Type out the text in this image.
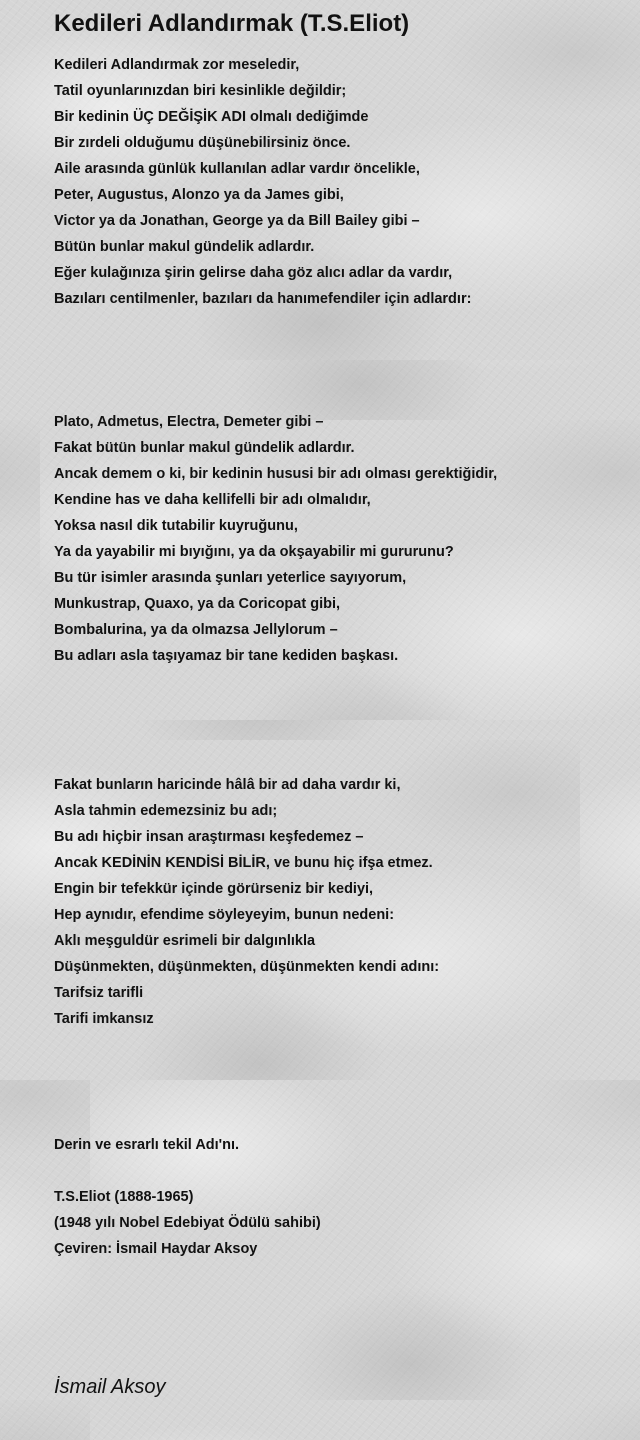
Kedileri Adlandırmak (T.S.Eliot)
Kedileri Adlandırmak zor meseledir,
Tatil oyunlarınızdan biri kesinlikle değildir;
Bir kedinin ÜÇ DEĞİŞİK ADI olmalı dediğimde
Bir zırdeli olduğumu düşünebilirsiniz önce.
Aile arasında günlük kullanılan adlar vardır öncelikle,
Peter, Augustus, Alonzo ya da James gibi,
Victor ya da Jonathan, George ya da Bill Bailey gibi –
Bütün bunlar makul gündelik adlardır.
Eğer kulağınıza şirin gelirse daha göz alıcı adlar da vardır,
Bazıları centilmenler, bazıları da hanımefendiler için adlardır:
Plato, Admetus, Electra, Demeter gibi –
Fakat bütün bunlar makul gündelik adlardır.
Ancak demem o ki, bir kedinin hususi bir adı olması gerektiğidir,
Kendine has ve daha kellifelli bir adı olmalıdır,
Yoksa nasıl dik tutabilir kuyruğunu,
Ya da yayabilir mi bıyığını, ya da okşayabilir mi gururunu?
Bu tür isimler arasında şunları yeterlice sayıyorum,
Munkustrap, Quaxo, ya da Coricopat gibi,
Bombalurina, ya da olmazsa Jellylorum –
Bu adları asla taşıyamaz bir tane kediden başkası.
Fakat bunların haricinde hâlâ bir ad daha vardır ki,
Asla tahmin edemezsiniz bu adı;
Bu adı hiçbir insan araştırması keşfedemez –
Ancak KEDİNİN KENDİSİ BİLİR, ve bunu hiç ifşa etmez.
Engin bir tefekkür içinde görürseniz bir kediyi,
Hep aynıdır, efendime söyleyeyim, bunun nedeni:
Aklı meşguldür esrimeli bir dalgınlıkla
Düşünmekten, düşünmekten, düşünmekten kendi adını:
Tarifsiz tarifli
Tarifi imkansız
Derin ve esrarlı tekil Adı'nı.
T.S.Eliot (1888-1965)
(1948 yılı Nobel Edebiyat Ödülü sahibi)
Çeviren: İsmail Haydar Aksoy

İsmail Aksoy
